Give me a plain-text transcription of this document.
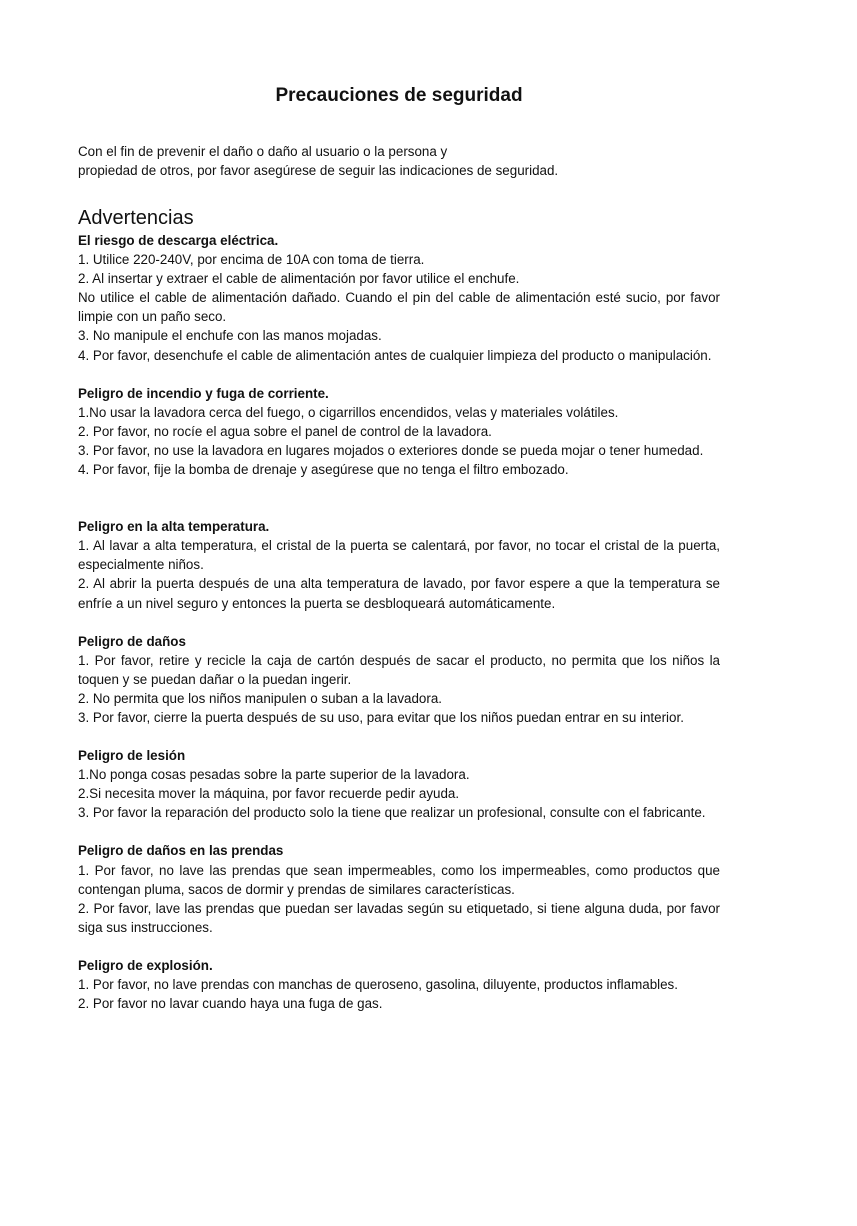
Precauciones de seguridad

Con el fin de prevenir el daño o daño al usuario o la persona y

propiedad de otros, por favor asegúrese de seguir las indicaciones de seguridad.

Advertencias

El riesgo de descarga eléctrica.

1. Utilice 220-240V, por encima de 10A con toma de tierra.

2. Al insertar y extraer el cable de alimentación por favor utilice el enchufe.

No utilice el cable de alimentación dañado. Cuando el pin del cable de alimentación esté sucio, por favor limpie con un paño seco.

3. No manipule el enchufe con las manos mojadas.

4. Por favor, desenchufe el cable de alimentación antes de cualquier limpieza del producto o manipulación.

Peligro de incendio y fuga de corriente.

1.No usar la lavadora cerca del fuego, o cigarrillos encendidos, velas y materiales volátiles.

2. Por favor, no rocíe el agua sobre el panel de control de la lavadora.

3. Por favor, no use la lavadora en lugares mojados o exteriores donde se pueda mojar o tener humedad.

4. Por favor, fije la bomba de drenaje y asegúrese que no tenga el filtro embozado.

Peligro en la alta temperatura.

1. Al lavar a alta temperatura, el cristal de la puerta se calentará, por favor, no tocar el cristal de la puerta, especialmente niños.

2. Al abrir la puerta después de una alta temperatura de lavado, por favor espere a que la temperatura se enfríe a un nivel seguro y entonces la puerta se desbloqueará automáticamente.

Peligro de daños

1. Por favor, retire y recicle la caja de cartón después de sacar el producto, no permita que los niños la toquen y se puedan dañar o la puedan ingerir.

2. No permita que los niños manipulen o suban a la lavadora.

3. Por favor, cierre la puerta después de su uso, para evitar que los niños puedan entrar en su interior.

Peligro de lesión

1.No ponga cosas pesadas sobre la parte superior de la lavadora.

2.Si necesita mover la máquina, por favor recuerde pedir ayuda.

3. Por favor la reparación del producto solo la tiene que realizar un profesional, consulte con el fabricante.

Peligro de daños en las prendas

1. Por favor, no lave las prendas que sean impermeables, como los impermeables, como productos que contengan pluma, sacos de dormir y prendas de similares características.

2. Por favor, lave las prendas que puedan ser lavadas según su etiquetado, si tiene alguna duda, por favor siga sus instrucciones.

Peligro de explosión.

1. Por favor, no lave prendas con manchas de queroseno, gasolina, diluyente, productos inflamables.

2. Por favor no lavar cuando haya una fuga de gas.
